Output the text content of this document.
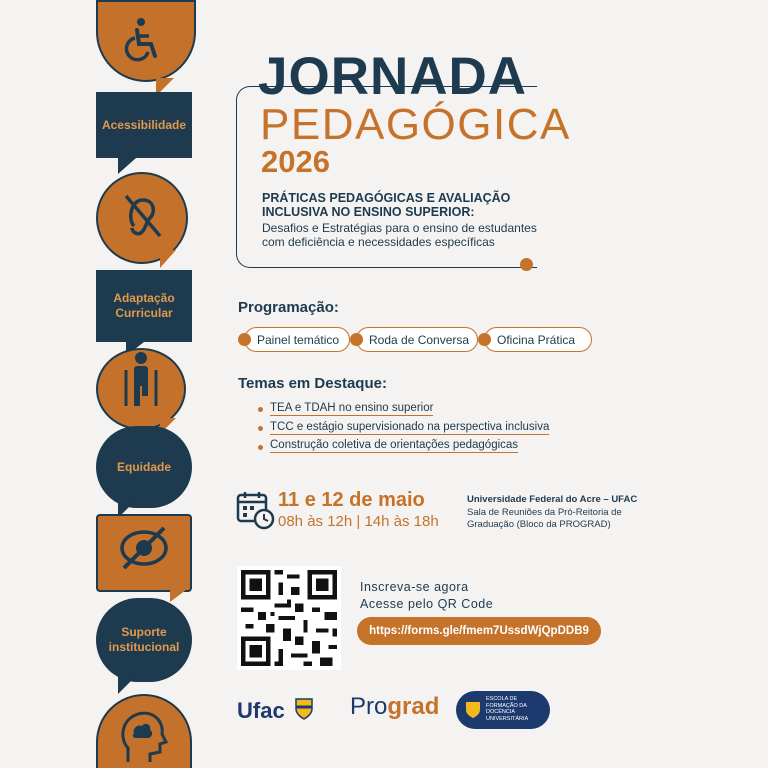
Acessibilidade
Adaptação Curricular
Equidade
Suporte institucional
JORNADA
PEDAGÓGICA
2026
PRÁTICAS PEDAGÓGICAS E AVALIAÇÃO INCLUSIVA NO ENSINO SUPERIOR:
Desafios e Estratégias para o ensino de estudantes com deficiência e necessidades específicas
Programação:
Painel temático	Roda de Conversa	Oficina Prática
Temas em Destaque:
TEA e TDAH no ensino superior
TCC e estágio supervisionado na perspectiva inclusiva
Construção coletiva de orientações pedagógicas
11 e 12 de maio
08h às 12h | 14h às 18h
Universidade Federal do Acre – UFAC
Sala de Reuniões da Pró-Reitoria de Graduação (Bloco da PROGRAD)
Inscreva-se agora
Acesse pelo QR Code
https://forms.gle/fmem7UssdWjQpDDB9
Ufac	Prograd	ESCOLA DE FORMAÇÃO DA DOCÊNCIA UNIVERSITÁRIA
